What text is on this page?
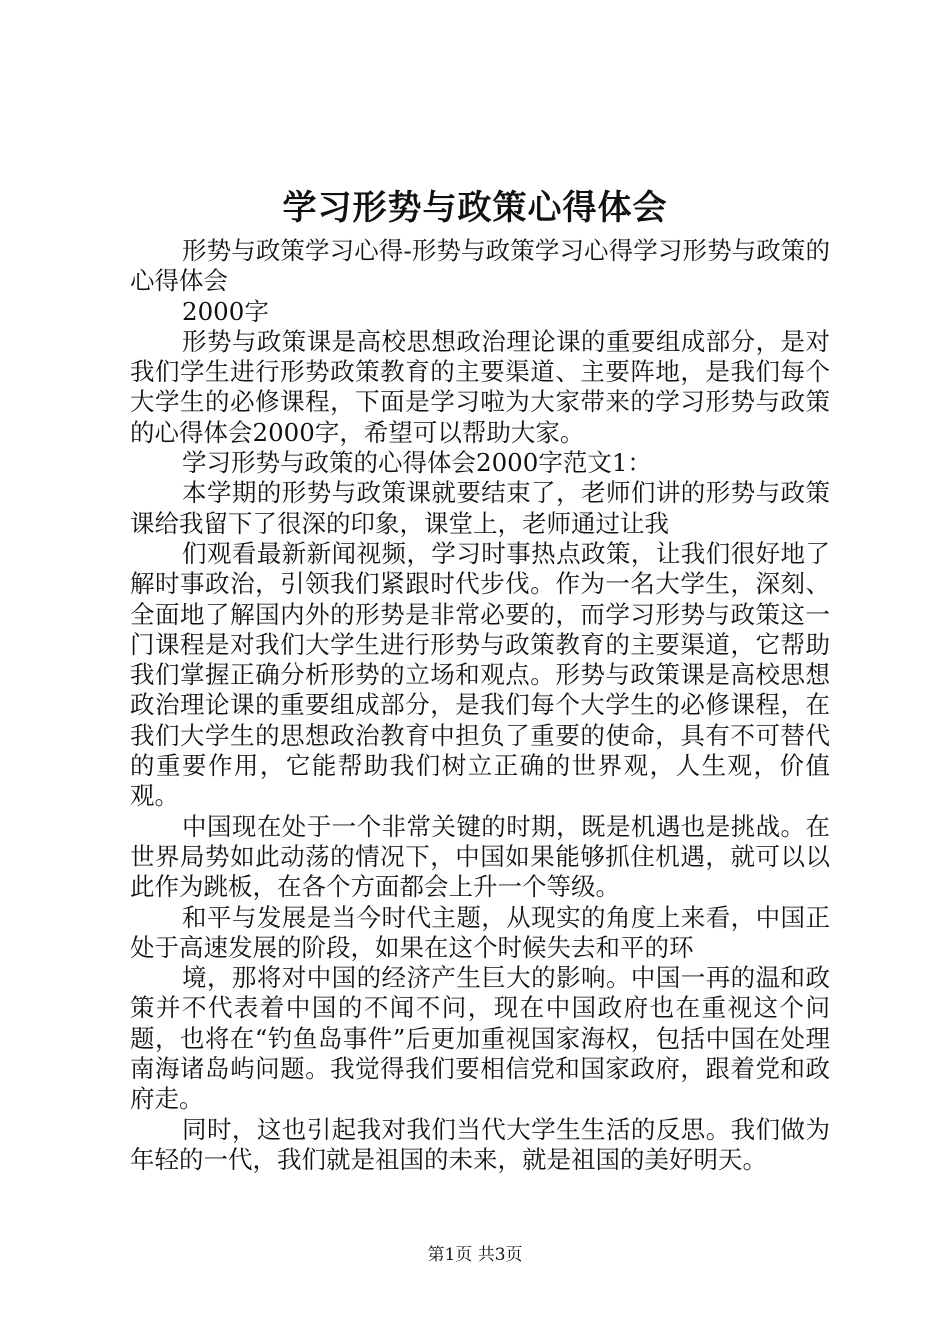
学习形势与政策心得体会

形势与政策学习心得-形势与政策学习心得学习形势与政策的心得体会

2000字

形势与政策课是高校思想政治理论课的重要组成部分，是对我们学生进行形势政策教育的主要渠道、主要阵地，是我们每个大学生的必修课程，下面是学习啦为大家带来的学习形势与政策的心得体会2000字，希望可以帮助大家。

学习形势与政策的心得体会2000字范文1：

本学期的形势与政策课就要结束了，老师们讲的形势与政策课给我留下了很深的印象，课堂上，老师通过让我

们观看最新新闻视频，学习时事热点政策，让我们很好地了解时事政治，引领我们紧跟时代步伐。作为一名大学生，深刻、全面地了解国内外的形势是非常必要的，而学习形势与政策这一门课程是对我们大学生进行形势与政策教育的主要渠道，它帮助我们掌握正确分析形势的立场和观点。形势与政策课是高校思想政治理论课的重要组成部分，是我们每个大学生的必修课程，在我们大学生的思想政治教育中担负了重要的使命，具有不可替代的重要作用，它能帮助我们树立正确的世界观，人生观，价值观。

中国现在处于一个非常关键的时期，既是机遇也是挑战。在世界局势如此动荡的情况下，中国如果能够抓住机遇，就可以以此作为跳板，在各个方面都会上升一个等级。

和平与发展是当今时代主题，从现实的角度上来看，中国正处于高速发展的阶段，如果在这个时候失去和平的环

境，那将对中国的经济产生巨大的影响。中国一再的温和政策并不代表着中国的不闻不问，现在中国政府也在重视这个问题，也将在“钓鱼岛事件”后更加重视国家海权，包括中国在处理南海诸岛屿问题。我觉得我们要相信党和国家政府，跟着党和政府走。

同时，这也引起我对我们当代大学生生活的反思。我们做为年轻的一代，我们就是祖国的未来，就是祖国的美好明天。

第1页 共3页
